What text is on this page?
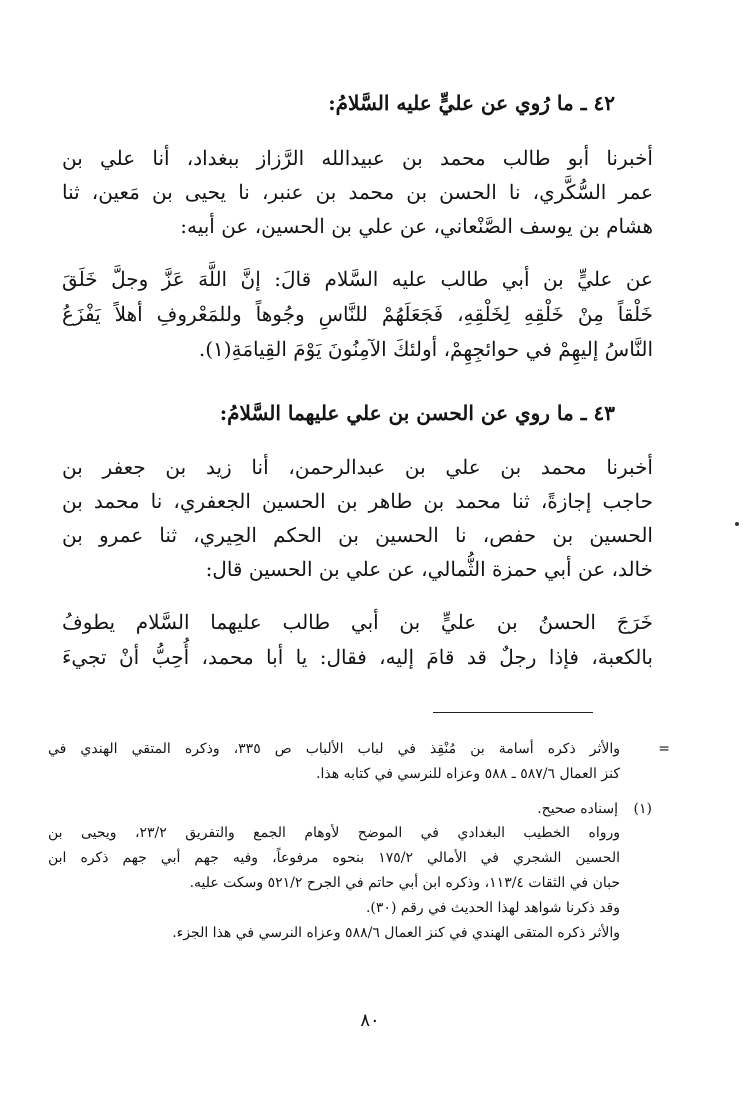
٤٢ ـ ما رُوي عن عليٍّ عليه السَّلامُ:
أخبرنا أبو طالب محمد بن عبيدالله الرَّزاز ببغداد، أنا علي بن
عمر السُّكَّري، نا الحسن بن محمد بن عنبر، نا يحيى بن مَعين، ثنا
هشام بن يوسف الصَّنْعاني، عن علي بن الحسين، عن أبيه:
عن عليٍّ بن أبي طالب عليه السَّلام قالَ: إنَّ اللَّهَ عَزَّ وجلَّ خَلَقَ
خَلْقاً مِنْ خَلْقِهِ لِخَلْقِهِ، فَجَعَلَهُمْ للنَّاسِ وجُوهاً وللمَعْروفِ أهلاً يَفْزَعُ
النَّاسُ إليهِمْ في حوائجِهِمْ، أولئكَ الآمِنُونَ يَوْمَ القِيامَةِ(١).
٤٣ ـ ما روي عن الحسن بن علي عليهما السَّلامُ:
أخبرنا محمد بن علي بن عبدالرحمن، أنا زيد بن جعفر بن
حاجب إجازةً، ثنا محمد بن طاهر بن الحسين الجعفري، نا محمد بن
الحسين بن حفص، نا الحسين بن الحكم الحِيري، ثنا عمرو بن
خالد، عن أبي حمزة الثُّمالي، عن علي بن الحسين قال:
خَرَجَ الحسنُ بن عليٍّ بن أبي طالب عليهما السَّلام يطوفُ
بالكعبة، فإذا رجلٌ قد قامَ إليه، فقال: يا أبا محمد، أُحِبُّ أنْ تجيءَ
=
والأثر ذكره أسامة بن مُنْقِذ في لباب الألباب ص ٣٣٥، وذكره المتقي الهندي في
كنز العمال ٥٨٧/٦ ـ ٥٨٨ وعزاه للنرسي في كتابه هذا.
(١)
إسناده صحيح.
ورواه الخطيب البغدادي في الموضح لأوهام الجمع والتفريق ٢٣/٢، ويحيى بن
الحسين الشجري في الأمالي ١٧٥/٢ بنحوه مرفوعاً، وفيه جهم أبي جهم ذكره ابن
حبان في الثقات ١١٣/٤، وذكره ابن أبي حاتم في الجرح ٥٢١/٢ وسكت عليه.
وقد ذكرنا شواهد لهذا الحديث في رقم (٣٠).
والأثر ذكره المتقى الهندي في كنز العمال ٥٨٨/٦ وعزاه النرسي في هذا الجزء.
٨٠
